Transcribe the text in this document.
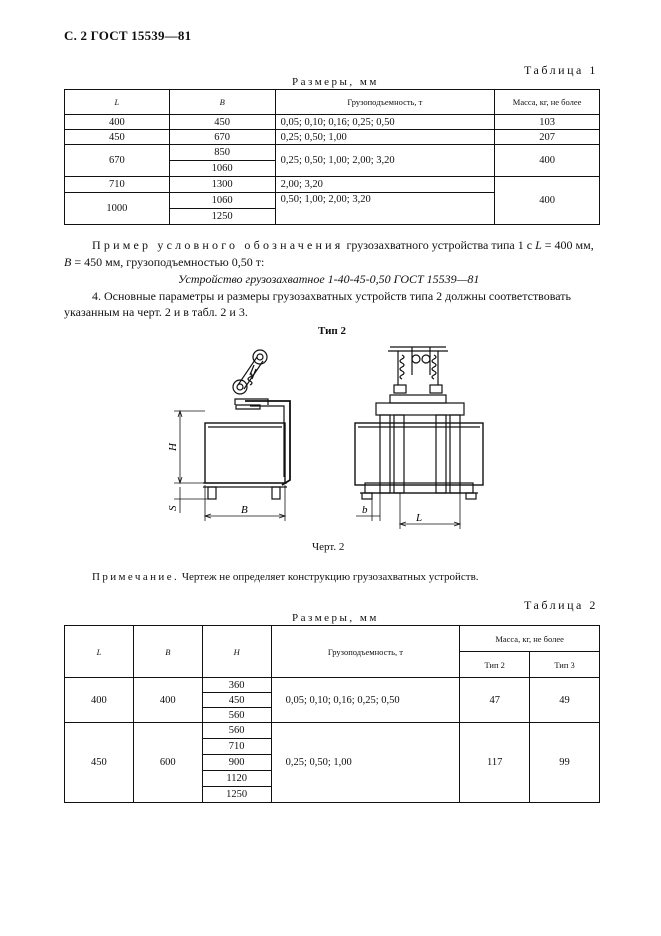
С. 2 ГОСТ 15539—81
Таблица 1
Размеры, мм
L	B	Грузоподъемность, т	Масса, кг, не более
400	450	0,05; 0,10; 0,16; 0,25; 0,50	103
450	670	0,25; 0,50; 1,00	207
670	850	0,25; 0,50; 1,00; 2,00; 3,20	400
	1060		
710	1300	2,00; 3,20	400
1000	1060	0,50; 1,00; 2,00; 3,20	
	1250		
Пример условного обозначения грузозахватного устройства типа 1 с L = 400 мм,
B = 450 мм, грузоподъемностью 0,50 т:
Устройство грузозахватное 1-40-45-0,50 ГОСТ 15539—81
4. Основные параметры и размеры грузозахватных устройств типа 2 должны соответствовать
указанным на черт. 2 и в табл. 2 и 3.
Тип 2
H
S	B	b
L
Черт. 2
Примечание. Чертеж не определяет конструкцию грузозахватных устройств.
Таблица 2
Размеры, мм
L	B	H	Грузоподъемность, т	Масса, кг, не более	
				Тип 2	Тип 3
400	400	360	0,05; 0,10; 0,16; 0,25; 0,50	47	49
		450			
		560			
450	600	560	0,25; 0,50; 1,00	117	99
		710			
		900			
		1120			
		1250			
